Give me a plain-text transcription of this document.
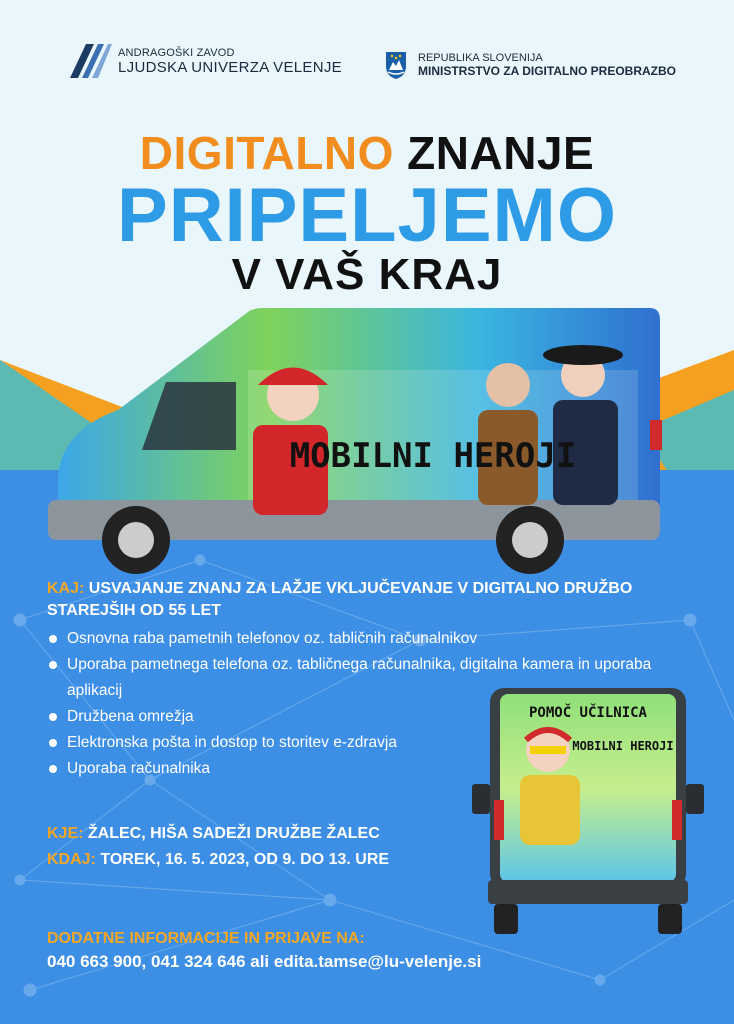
ANDRAGOŠKI ZAVOD
LJUDSKA UNIVERZA VELENJE
REPUBLIKA SLOVENIJA
MINISTRSTVO ZA DIGITALNO PREOBRAZBO
DIGITALNO ZNANJE
PRIPELJEMO
V VAŠ KRAJ
MOBILNI HEROJI
KAJ: USVAJANJE ZNANJ ZA LAŽJE VKLJUČEVANJE V DIGITALNO DRUŽBO STAREJŠIH OD 55 LET
Osnovna raba pametnih telefonov oz. tabličnih računalnikov
Uporaba pametnega telefona oz. tabličnega računalnika, digitalna kamera in uporaba aplikacij
Družbena omrežja
Elektronska pošta in dostop to storitev e-zdravja
Uporaba računalnika
POMOČ UČILNICA
MOBILNI HEROJI
KJE: ŽALEC, HIŠA SADEŽI DRUŽBE ŽALEC
KDAJ: TOREK, 16. 5. 2023, OD 9. DO 13. URE
DODATNE INFORMACIJE IN PRIJAVE NA:
040 663 900, 041 324 646 ali edita.tamse@lu-velenje.si
